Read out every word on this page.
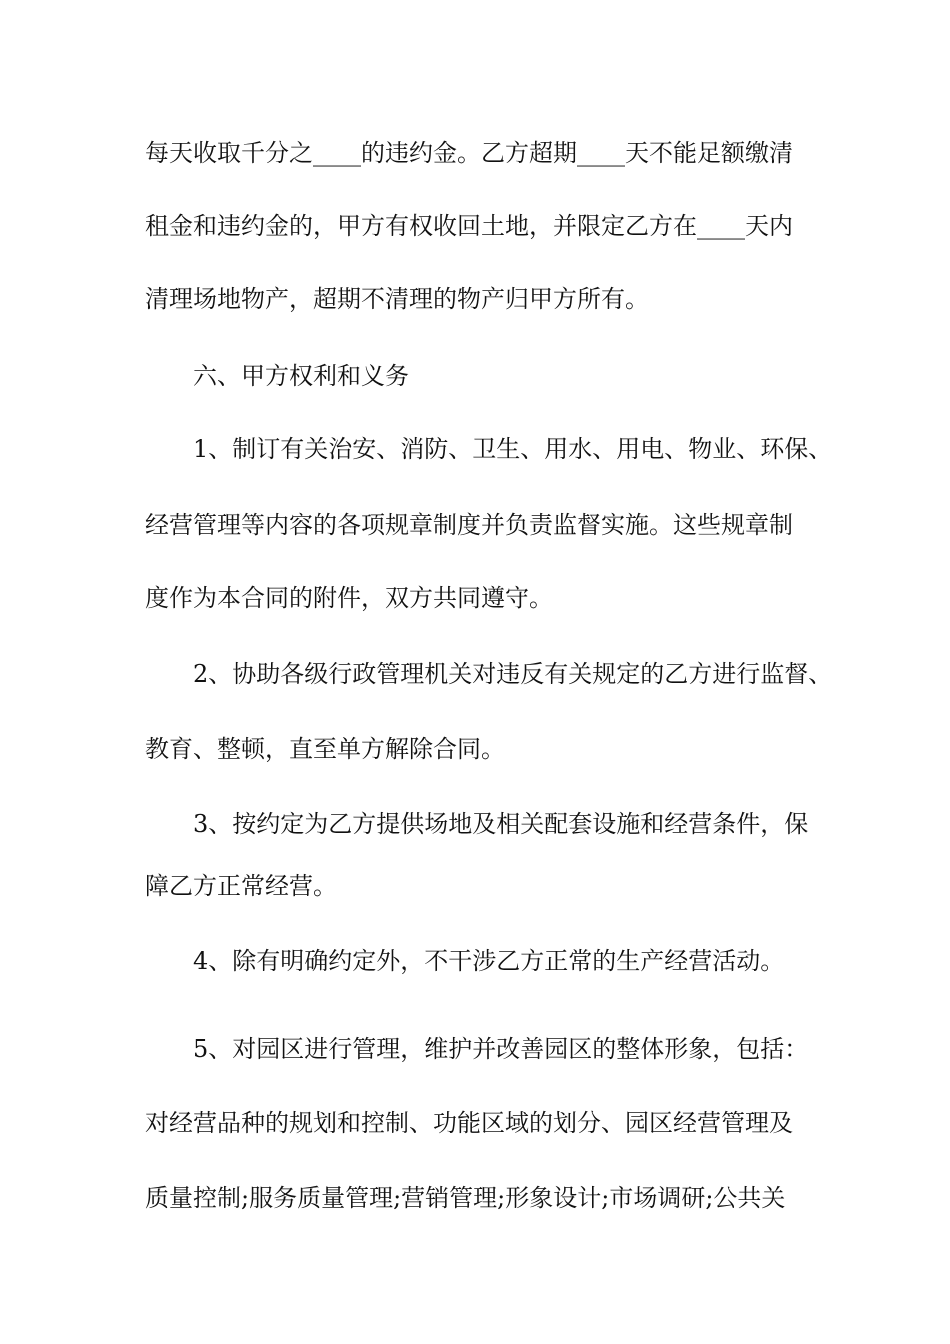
每天收取千分之____的违约金。乙方超期____天不能足额缴清
租金和违约金的，甲方有权收回土地，并限定乙方在____天内
清理场地物产，超期不清理的物产归甲方所有。
六、甲方权利和义务
1、制订有关治安、消防、卫生、用水、用电、物业、环保、
经营管理等内容的各项规章制度并负责监督实施。这些规章制
度作为本合同的附件，双方共同遵守。
2、协助各级行政管理机关对违反有关规定的乙方进行监督、
教育、整顿，直至单方解除合同。
3、按约定为乙方提供场地及相关配套设施和经营条件，保
障乙方正常经营。
4、除有明确约定外，不干涉乙方正常的生产经营活动。
5、对园区进行管理，维护并改善园区的整体形象，包括：
对经营品种的规划和控制、功能区域的划分、园区经营管理及
质量控制;服务质量管理;营销管理;形象设计;市场调研;公共关
